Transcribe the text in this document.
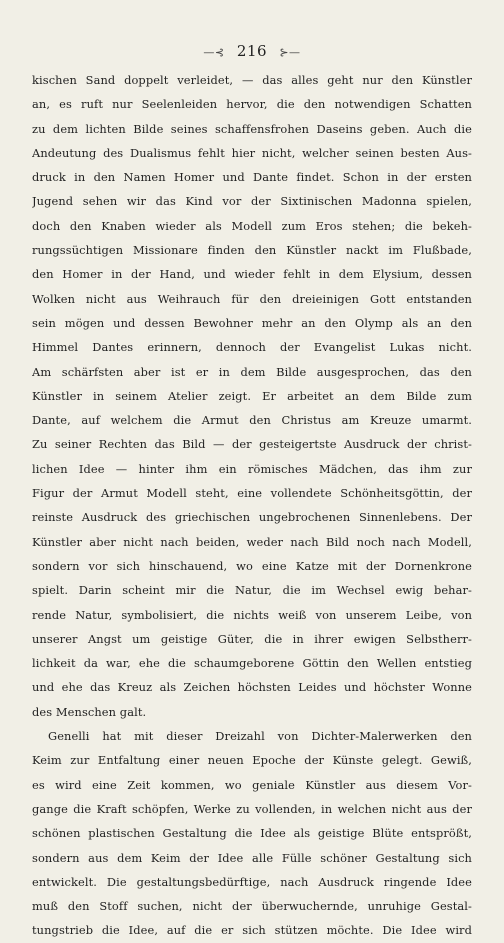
—⊰ 216 ⊱—
kischen Sand doppelt verleidet, — das alles geht nur den Künstler
an, es ruft nur Seelenleiden hervor, die den notwendigen Schatten
zu dem lichten Bilde seines schaffensfrohen Daseins geben. Auch die
Andeutung des Dualismus fehlt hier nicht, welcher seinen besten Aus-
druck in den Namen Homer und Dante findet. Schon in der ersten
Jugend sehen wir das Kind vor der Sixtinischen Madonna spielen,
doch den Knaben wieder als Modell zum Eros stehen; die bekeh-
rungssüchtigen Missionare finden den Künstler nackt im Flußbade,
den Homer in der Hand, und wieder fehlt in dem Elysium, dessen
Wolken nicht aus Weihrauch für den dreieinigen Gott entstanden
sein mögen und dessen Bewohner mehr an den Olymp als an den
Himmel Dantes erinnern, dennoch der Evangelist Lukas nicht.
Am schärfsten aber ist er in dem Bilde ausgesprochen, das den
Künstler in seinem Atelier zeigt. Er arbeitet an dem Bilde zum
Dante, auf welchem die Armut den Christus am Kreuze umarmt.
Zu seiner Rechten das Bild — der gesteigertste Ausdruck der christ-
lichen Idee — hinter ihm ein römisches Mädchen, das ihm zur
Figur der Armut Modell steht, eine vollendete Schönheitsgöttin, der
reinste Ausdruck des griechischen ungebrochenen Sinnenlebens. Der
Künstler aber nicht nach beiden, weder nach Bild noch nach Modell,
sondern vor sich hinschauend, wo eine Katze mit der Dornenkrone
spielt. Darin scheint mir die Natur, die im Wechsel ewig behar-
rende Natur, symbolisiert, die nichts weiß von unserem Leibe, von
unserer Angst um geistige Güter, die in ihrer ewigen Selbstherr-
lichkeit da war, ehe die schaumgeborene Göttin den Wellen entstieg
und ehe das Kreuz als Zeichen höchsten Leides und höchster Wonne
des Menschen galt.
Genelli hat mit dieser Dreizahl von Dichter-Malerwerken den
Keim zur Entfaltung einer neuen Epoche der Künste gelegt. Gewiß,
es wird eine Zeit kommen, wo geniale Künstler aus diesem Vor-
gange die Kraft schöpfen, Werke zu vollenden, in welchen nicht aus der
schönen plastischen Gestaltung die Idee als geistige Blüte entsprößt,
sondern aus dem Keim der Idee alle Fülle schöner Gestaltung sich
entwickelt. Die gestaltungsbedürftige, nach Ausdruck ringende Idee
muß den Stoff suchen, nicht der überwuchernde, unruhige Gestal-
tungstrieb die Idee, auf die er sich stützen möchte. Die Idee wird
